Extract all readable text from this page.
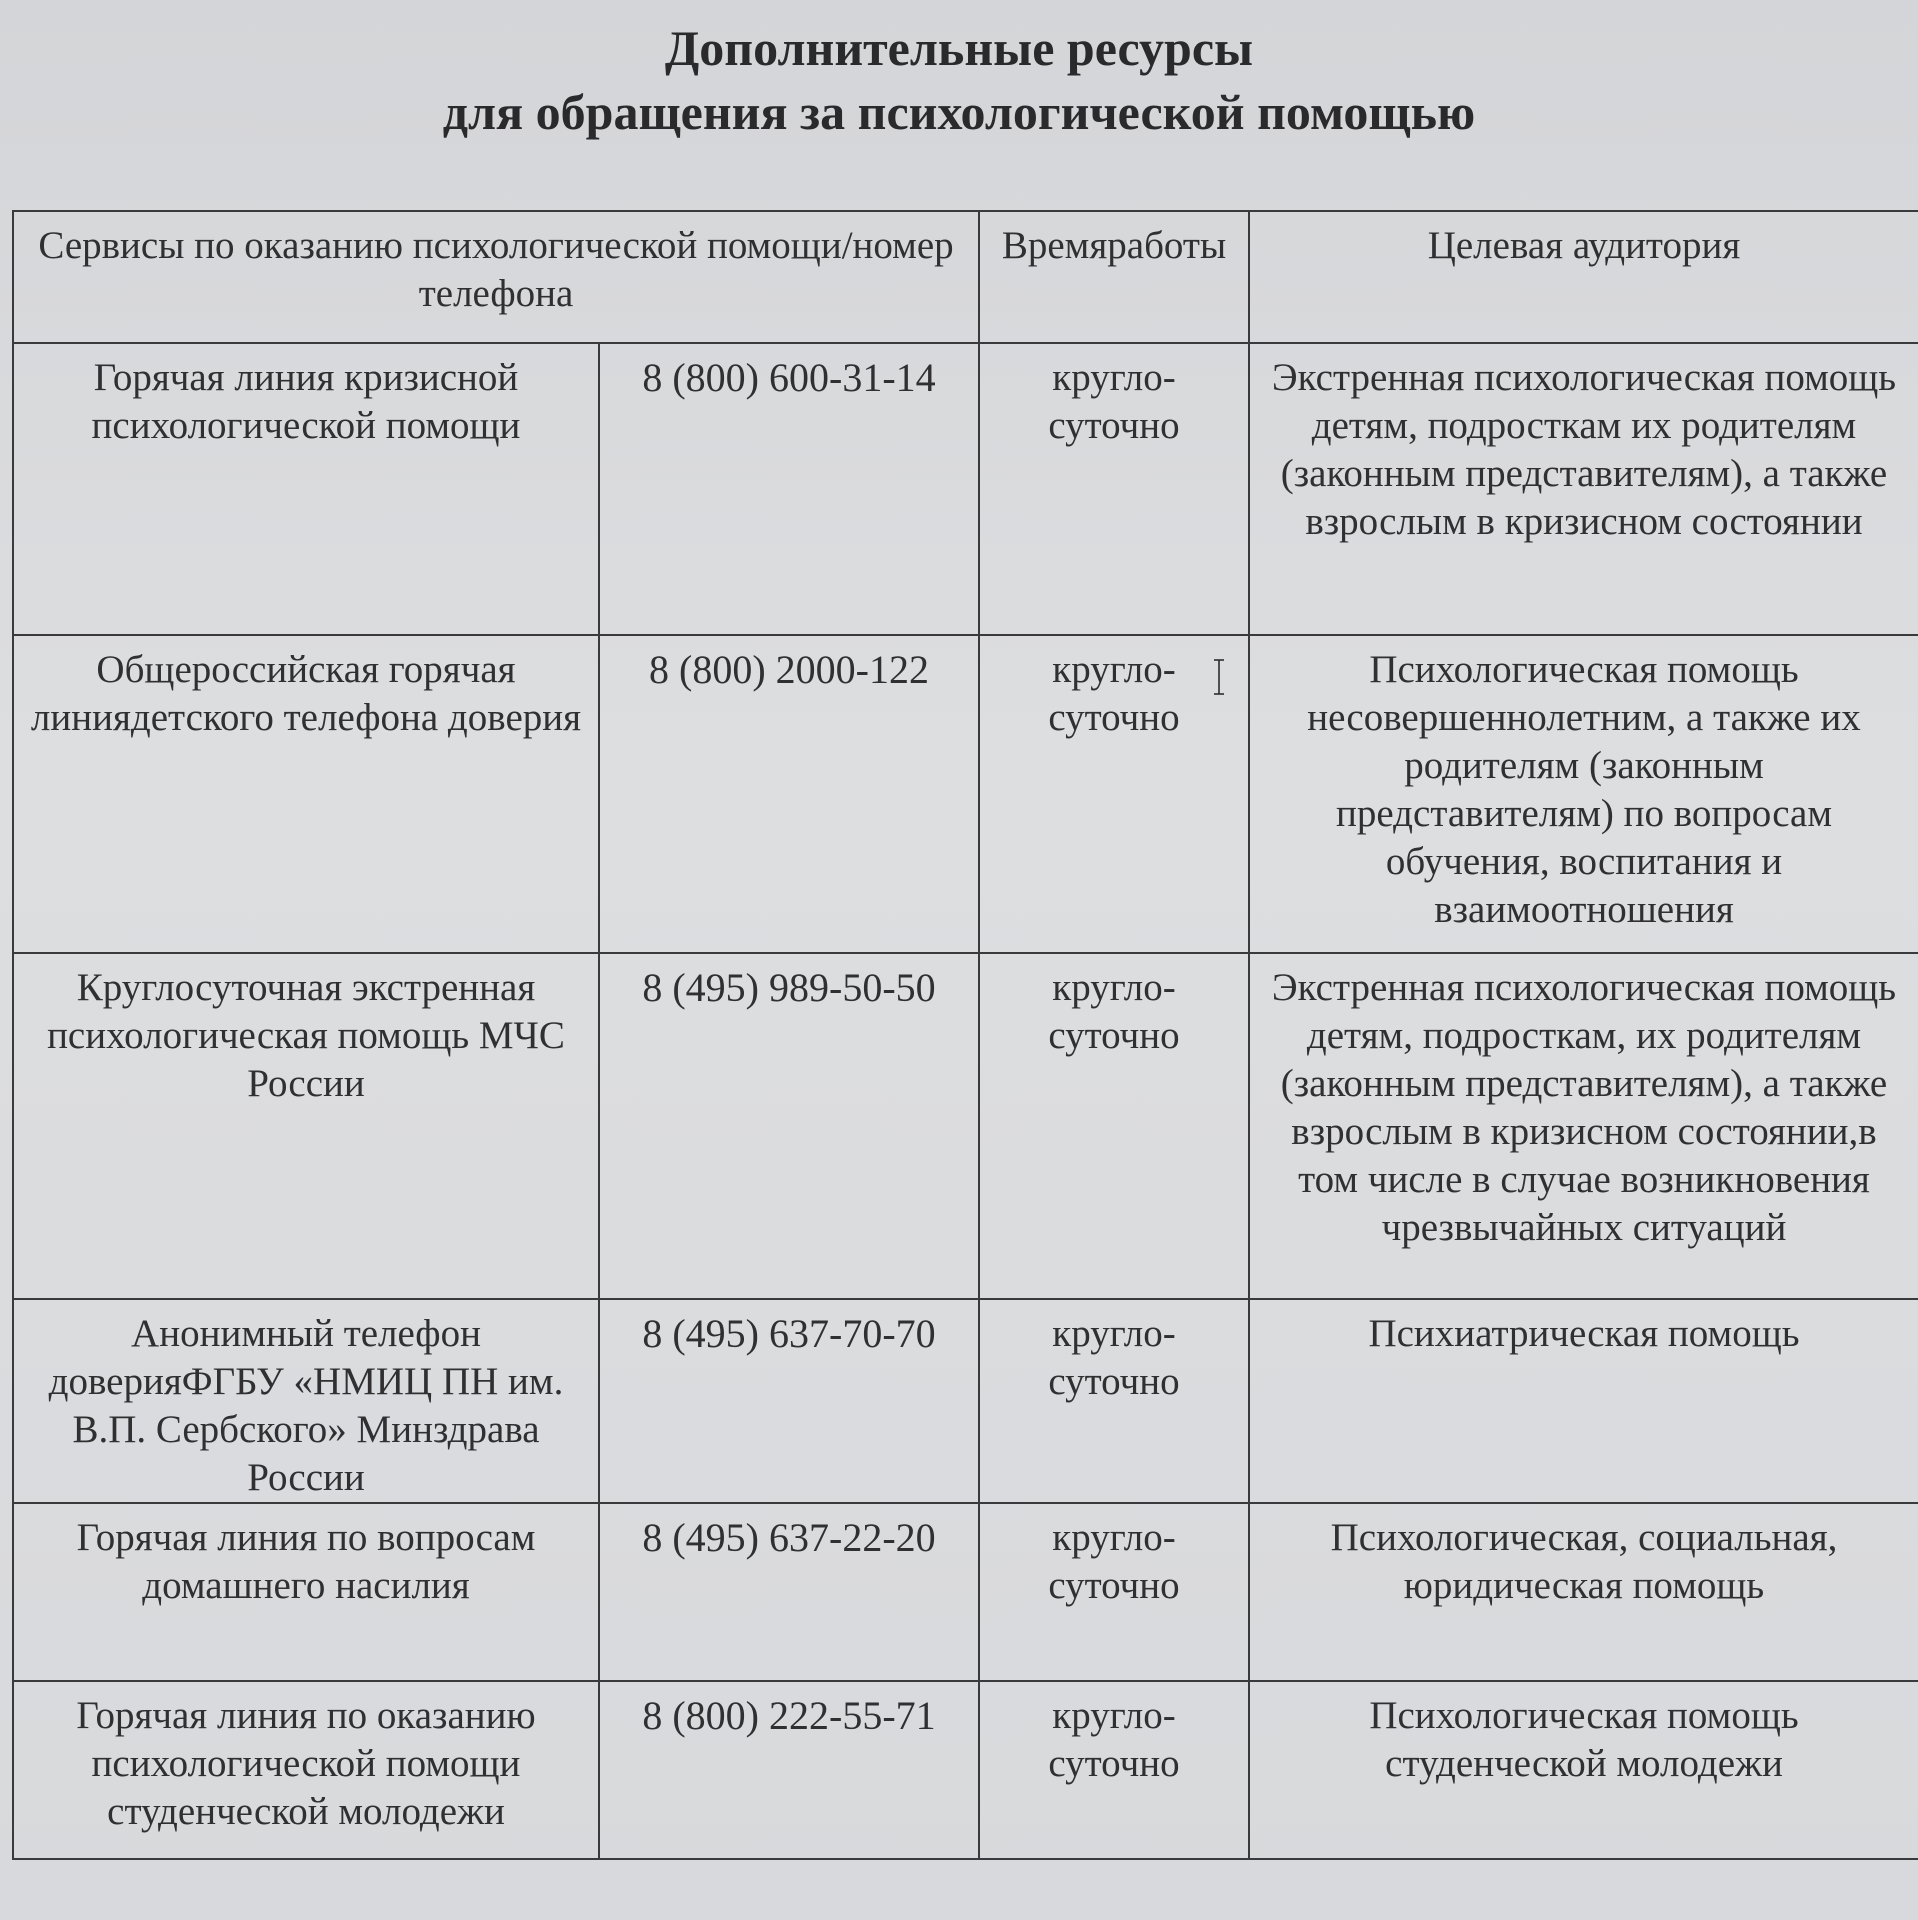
Дополнительные ресурсы
для обращения за психологической помощью
Сервисы по оказанию психологической помощи/номер телефона		Времяработы	Целевая аудитория
Горячая линия кризисной психологической помощи	8 (800) 600-31-14	кругло-суточно	Экстренная психологическая помощь детям, подросткам их родителям (законным представителям), а также взрослым в кризисном состоянии
Общероссийская горячая линиядетского телефона доверия	8 (800) 2000-122	кругло-суточно	Психологическая помощь несовершеннолетним, а также их родителям (законным представителям) по вопросам обучения, воспитания и взаимоотношения
Круглосуточная экстренная психологическая помощь МЧС России	8 (495) 989-50-50	кругло-суточно	Экстренная психологическая помощь детям, подросткам, их родителям (законным представителям), а также взрослым в кризисном состоянии,в том числе в случае возникновения чрезвычайных ситуаций
Анонимный телефон доверияФГБУ «НМИЦ ПН им. В.П. Сербского» Минздрава России	8 (495) 637-70-70	кругло-суточно	Психиатрическая помощь
Горячая линия по вопросам домашнего насилия	8 (495) 637-22-20	кругло-суточно	Психологическая, социальная, юридическая помощь
Горячая линия по оказанию психологической помощи студенческой молодежи	8 (800) 222-55-71	кругло-суточно	Психологическая помощь студенческой молодежи
